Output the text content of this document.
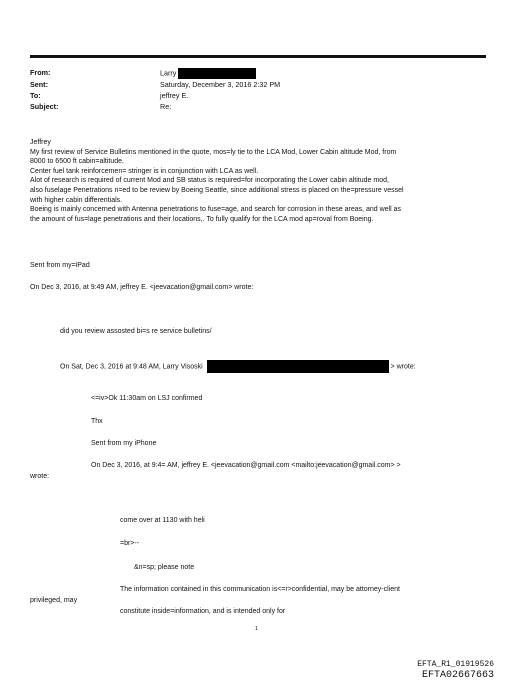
From:	Larry
Sent:	Saturday, December 3, 2016 2:32 PM
To:	jeffrey E.
Subject:	Re:
Jeffrey
My first review of Service Bulletins mentioned in the quote, mos=ly tie to the LCA Mod, Lower Cabin altitude Mod, from
8000 to 6500 ft cabin=altitude.
Center fuel tank reinforcemen= stringer is in conjunction with LCA as well.
Alot of research is required of current Mod and SB status is required=for incorporating the Lower cabin altitude mod,
also fuselage Penetrations n=ed to be review by Boeing Seattle, since additional stress is placed on the=pressure vessel
with higher cabin differentials.
Boeing is mainly concerned with Antenna penetrations to fuse=age, and search for corrosion in these areas, and well as
the amount of fus=lage penetrations and their locations,. To fully qualify for the LCA mod ap=roval from Boeing.
Sent from my=iPad
On Dec 3, 2016, at 9:49 AM, jeffrey E. <jeevacation@gmail.com> wrote:
did you review assosted bi=s re service bulletins/
On Sat, Dec 3, 2016 at 9:48 AM, Larry Visoski	> wrote:
<=iv>Ok 11:30am on LSJ confirmed
Thx
Sent from my iPhone
On Dec 3, 2016, at 9:4= AM, jeffrey E. <jeevacation@gmail.com <mailto:jeevacation@gmail.com> >
wrote:
come over at 1130 with heli
=br>--
&n=sp; please note
The information contained in this communication is<=r>confidential, may be attorney-client
privileged, may
constitute inside=information, and is intended only for
1
EFTA_R1_01919526
EFTA02667663
